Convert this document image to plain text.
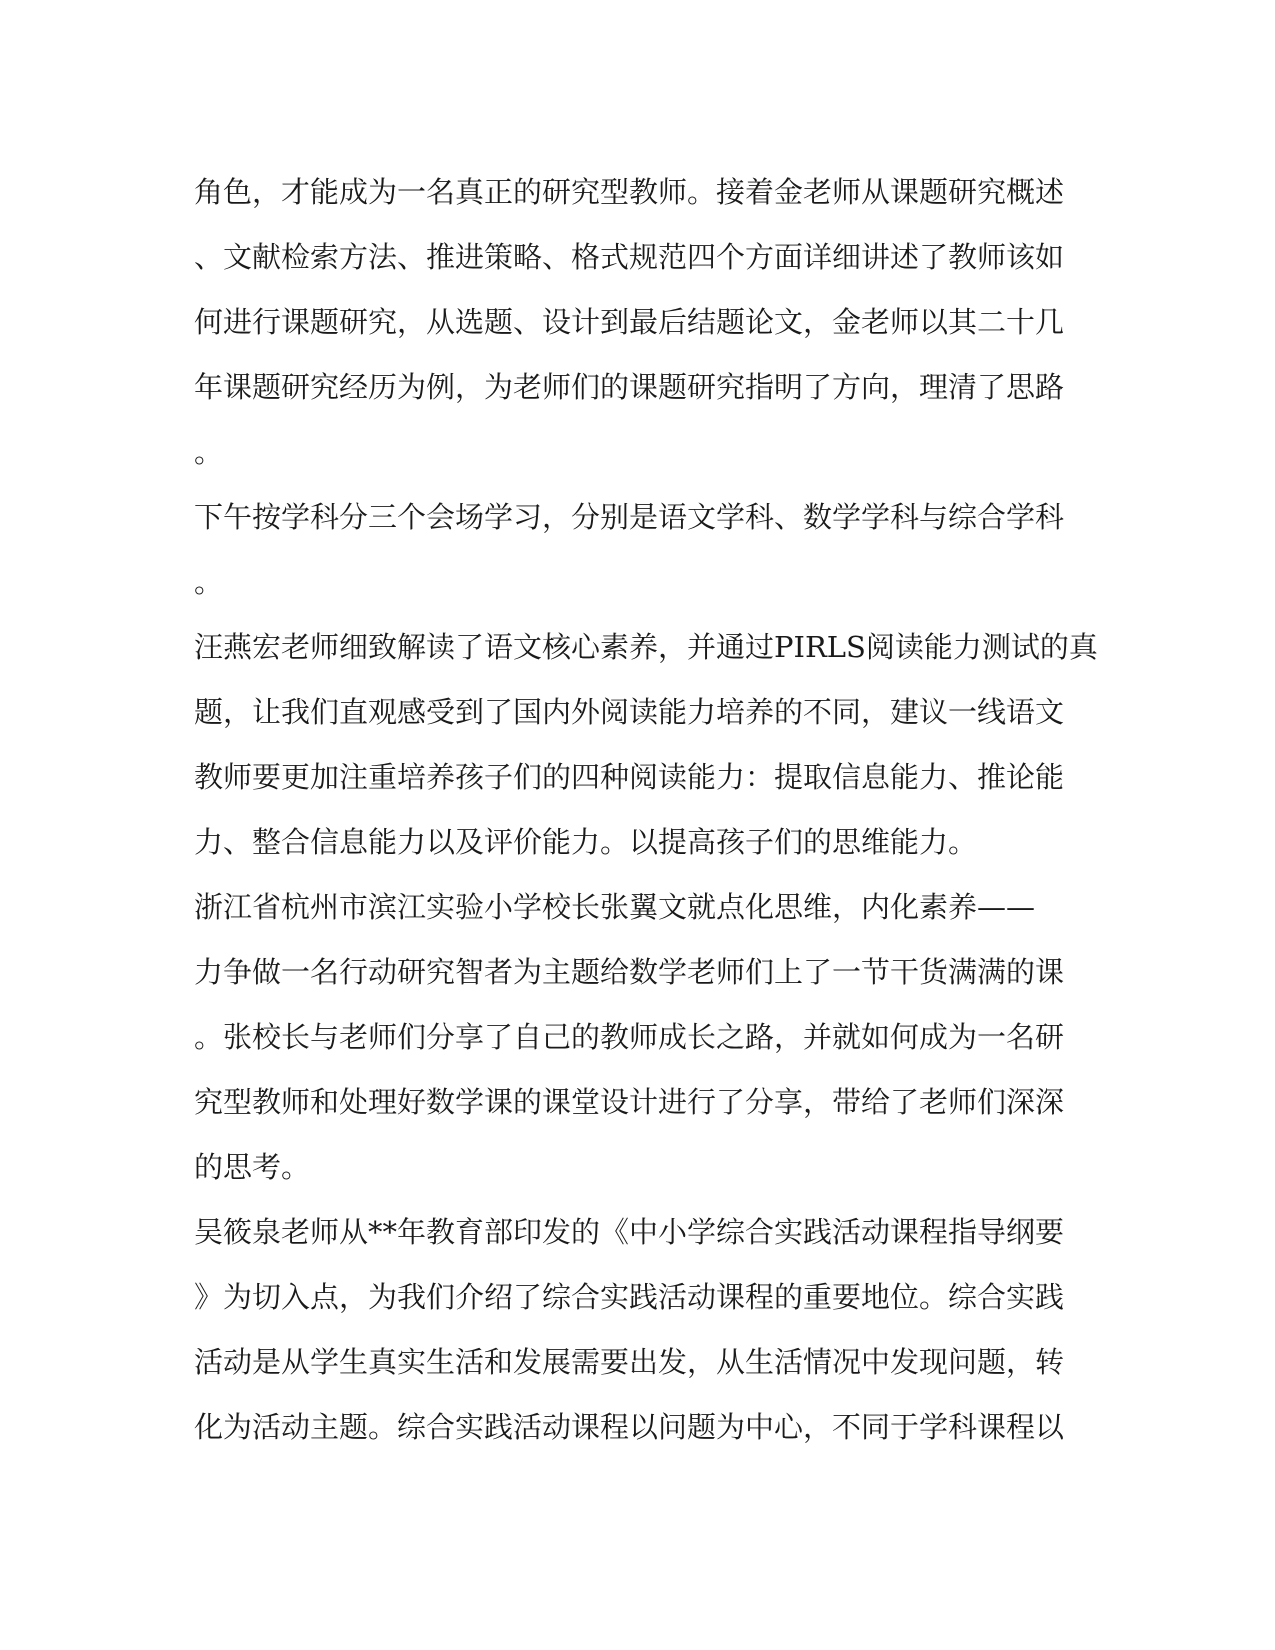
角色，才能成为一名真正的研究型教师。接着金老师从课题研究概述
、文献检索方法、推进策略、格式规范四个方面详细讲述了教师该如
何进行课题研究，从选题、设计到最后结题论文，金老师以其二十几
年课题研究经历为例，为老师们的课题研究指明了方向，理清了思路
。
下午按学科分三个会场学习，分别是语文学科、数学学科与综合学科
。
汪燕宏老师细致解读了语文核心素养，并通过PIRLS阅读能力测试的真
题，让我们直观感受到了国内外阅读能力培养的不同，建议一线语文
教师要更加注重培养孩子们的四种阅读能力：提取信息能力、推论能
力、整合信息能力以及评价能力。以提高孩子们的思维能力。
浙江省杭州市滨江实验小学校长张翼文就点化思维，内化素养——
力争做一名行动研究智者为主题给数学老师们上了一节干货满满的课
。张校长与老师们分享了自己的教师成长之路，并就如何成为一名研
究型教师和处理好数学课的课堂设计进行了分享，带给了老师们深深
的思考。
吴筱泉老师从**年教育部印发的《中小学综合实践活动课程指导纲要
》为切入点，为我们介绍了综合实践活动课程的重要地位。综合实践
活动是从学生真实生活和发展需要出发，从生活情况中发现问题，转
化为活动主题。综合实践活动课程以问题为中心，不同于学科课程以
